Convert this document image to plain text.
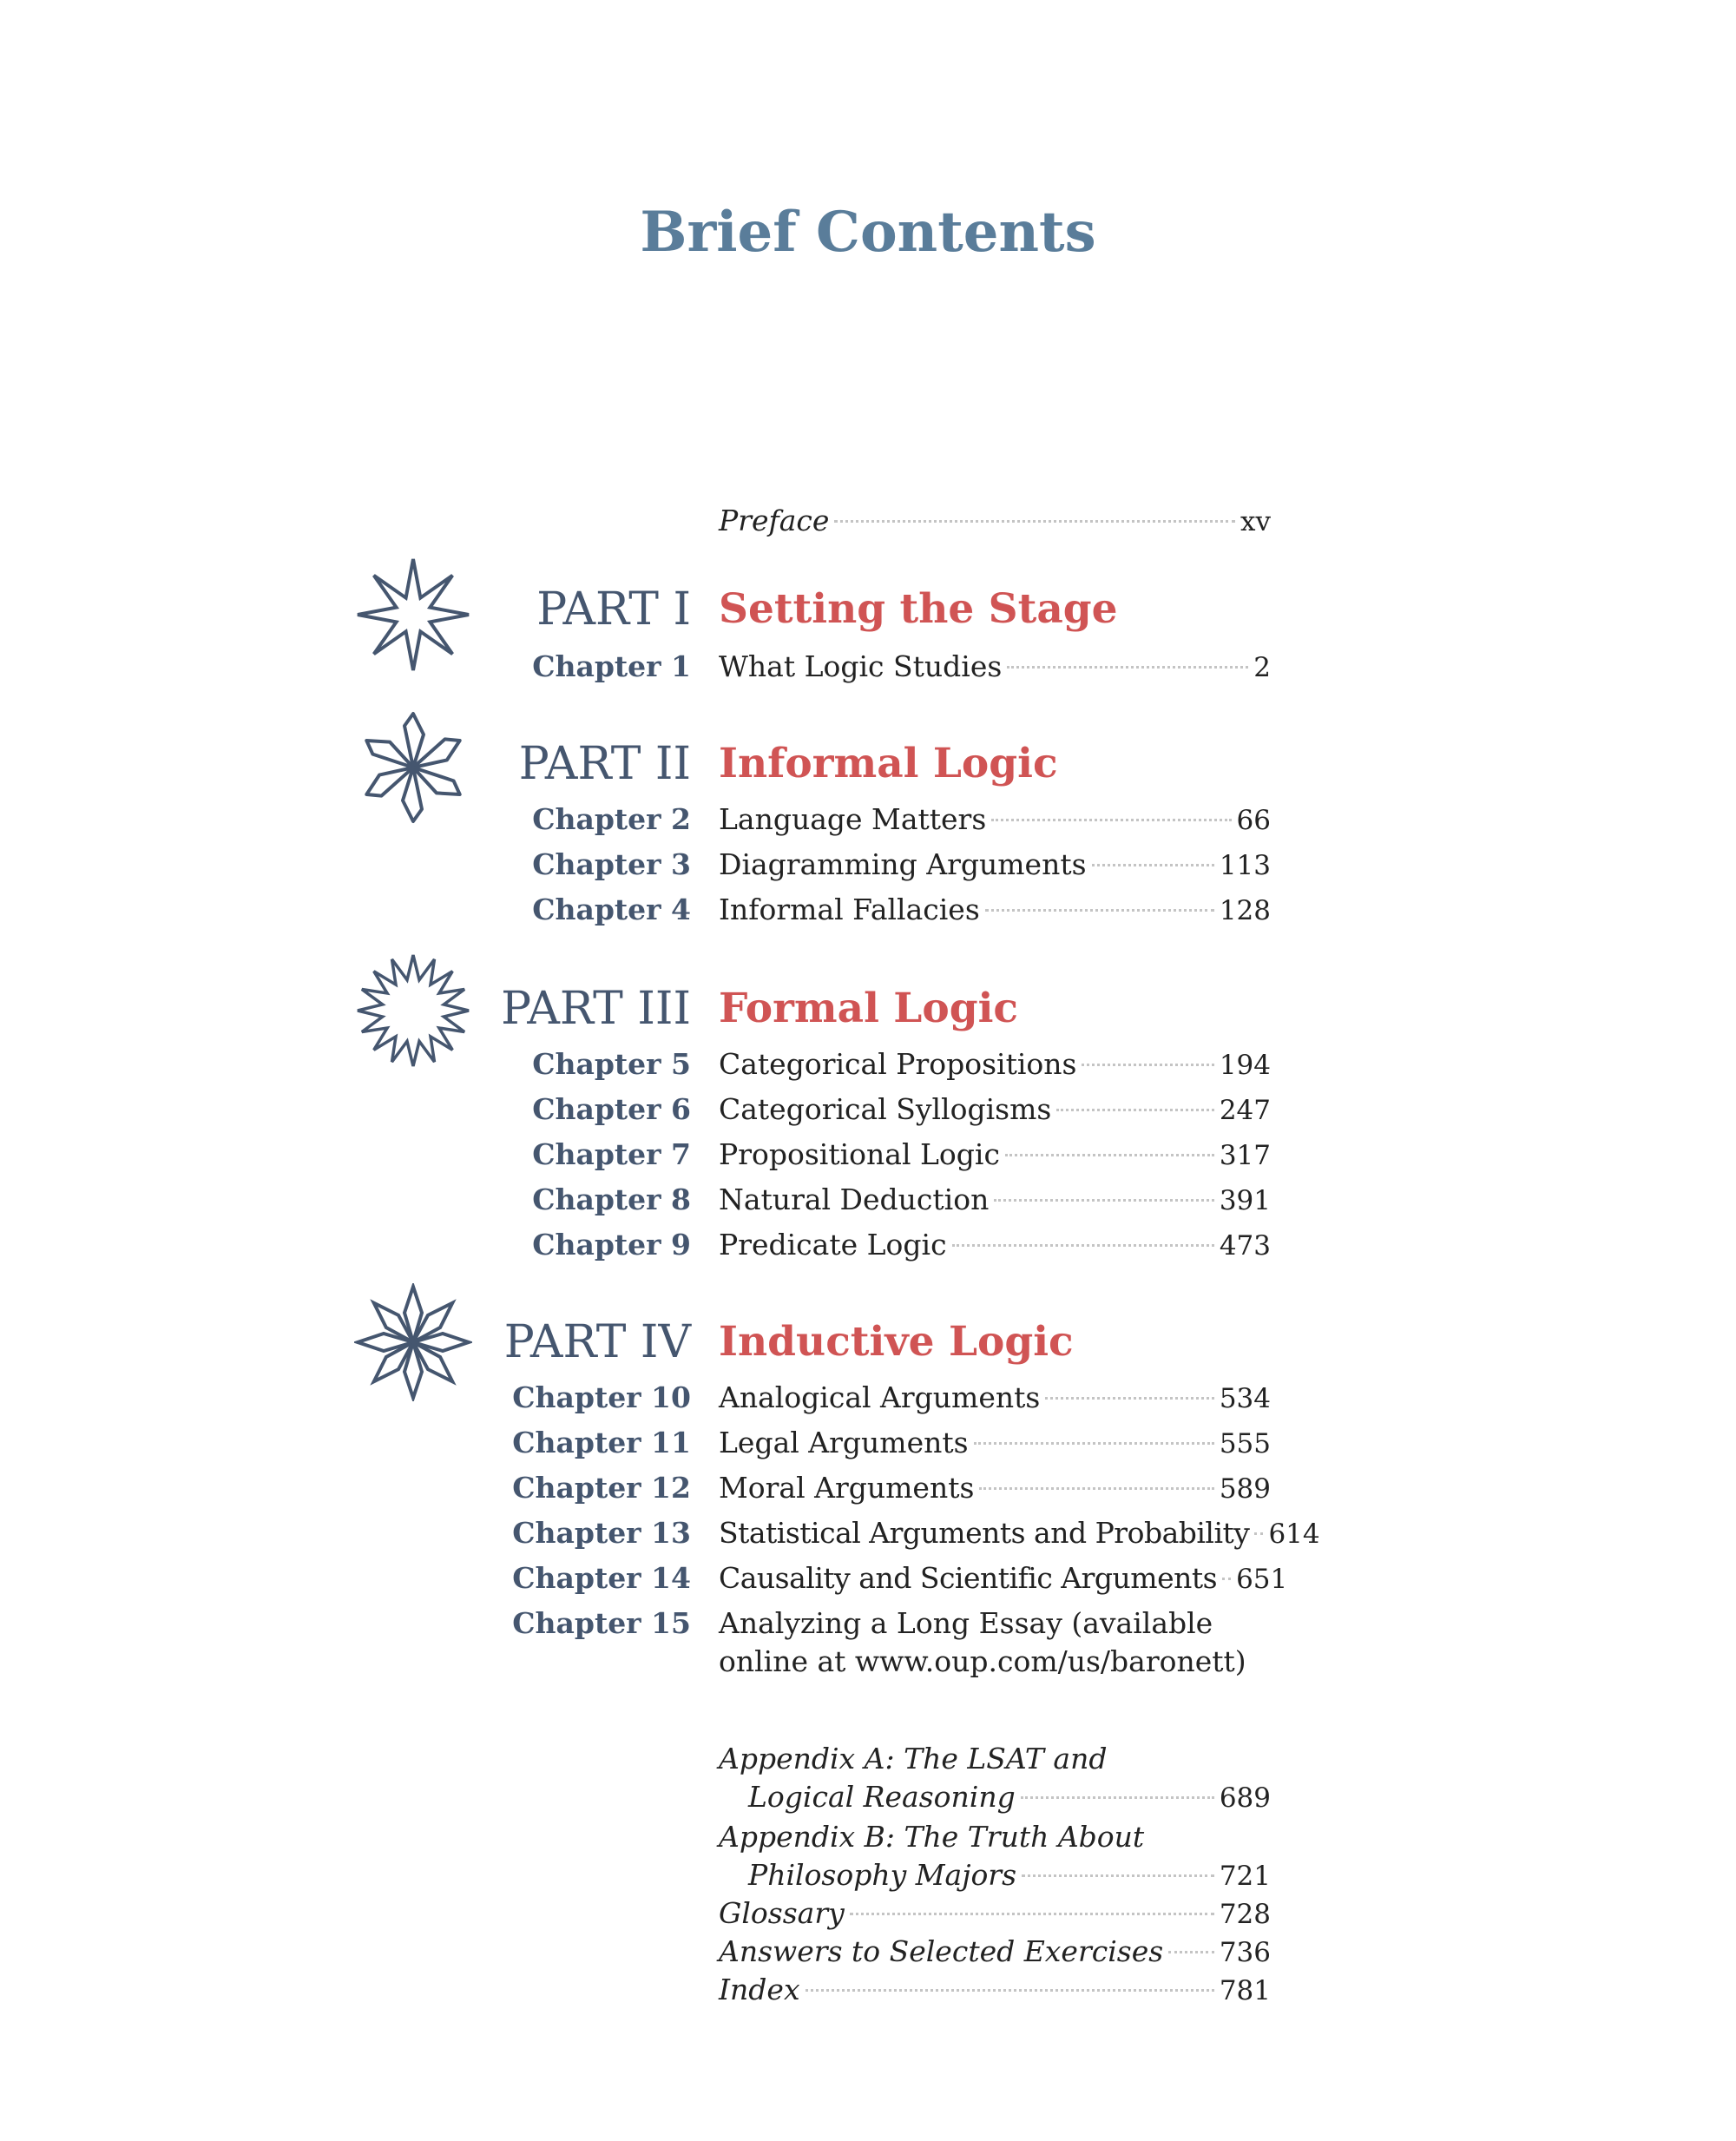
Brief Contents
Preface	xv
PART I Setting the Stage
Chapter 1 What Logic Studies	2
PART II Informal Logic
Chapter 2 Language Matters	66
Chapter 3 Diagramming Arguments	113
Chapter 4 Informal Fallacies	128
PART III Formal Logic
Chapter 5 Categorical Propositions	194
Chapter 6 Categorical Syllogisms	247
Chapter 7 Propositional Logic	317
Chapter 8 Natural Deduction	391
Chapter 9 Predicate Logic	473
PART IV Inductive Logic
Chapter 10 Analogical Arguments	534
Chapter 11 Legal Arguments	555
Chapter 12 Moral Arguments	589
Chapter 13 Statistical Arguments and Probability 614
Chapter 14 Causality and Scientific Arguments 651
Chapter 15 Analyzing a Long Essay (available
online at www.oup.com/us/baronett)
Appendix A: The LSAT and
Logical Reasoning	689
Appendix B: The Truth About
Philosophy Majors	721
Glossary	728
Answers to Selected Exercises 736
Index	781
